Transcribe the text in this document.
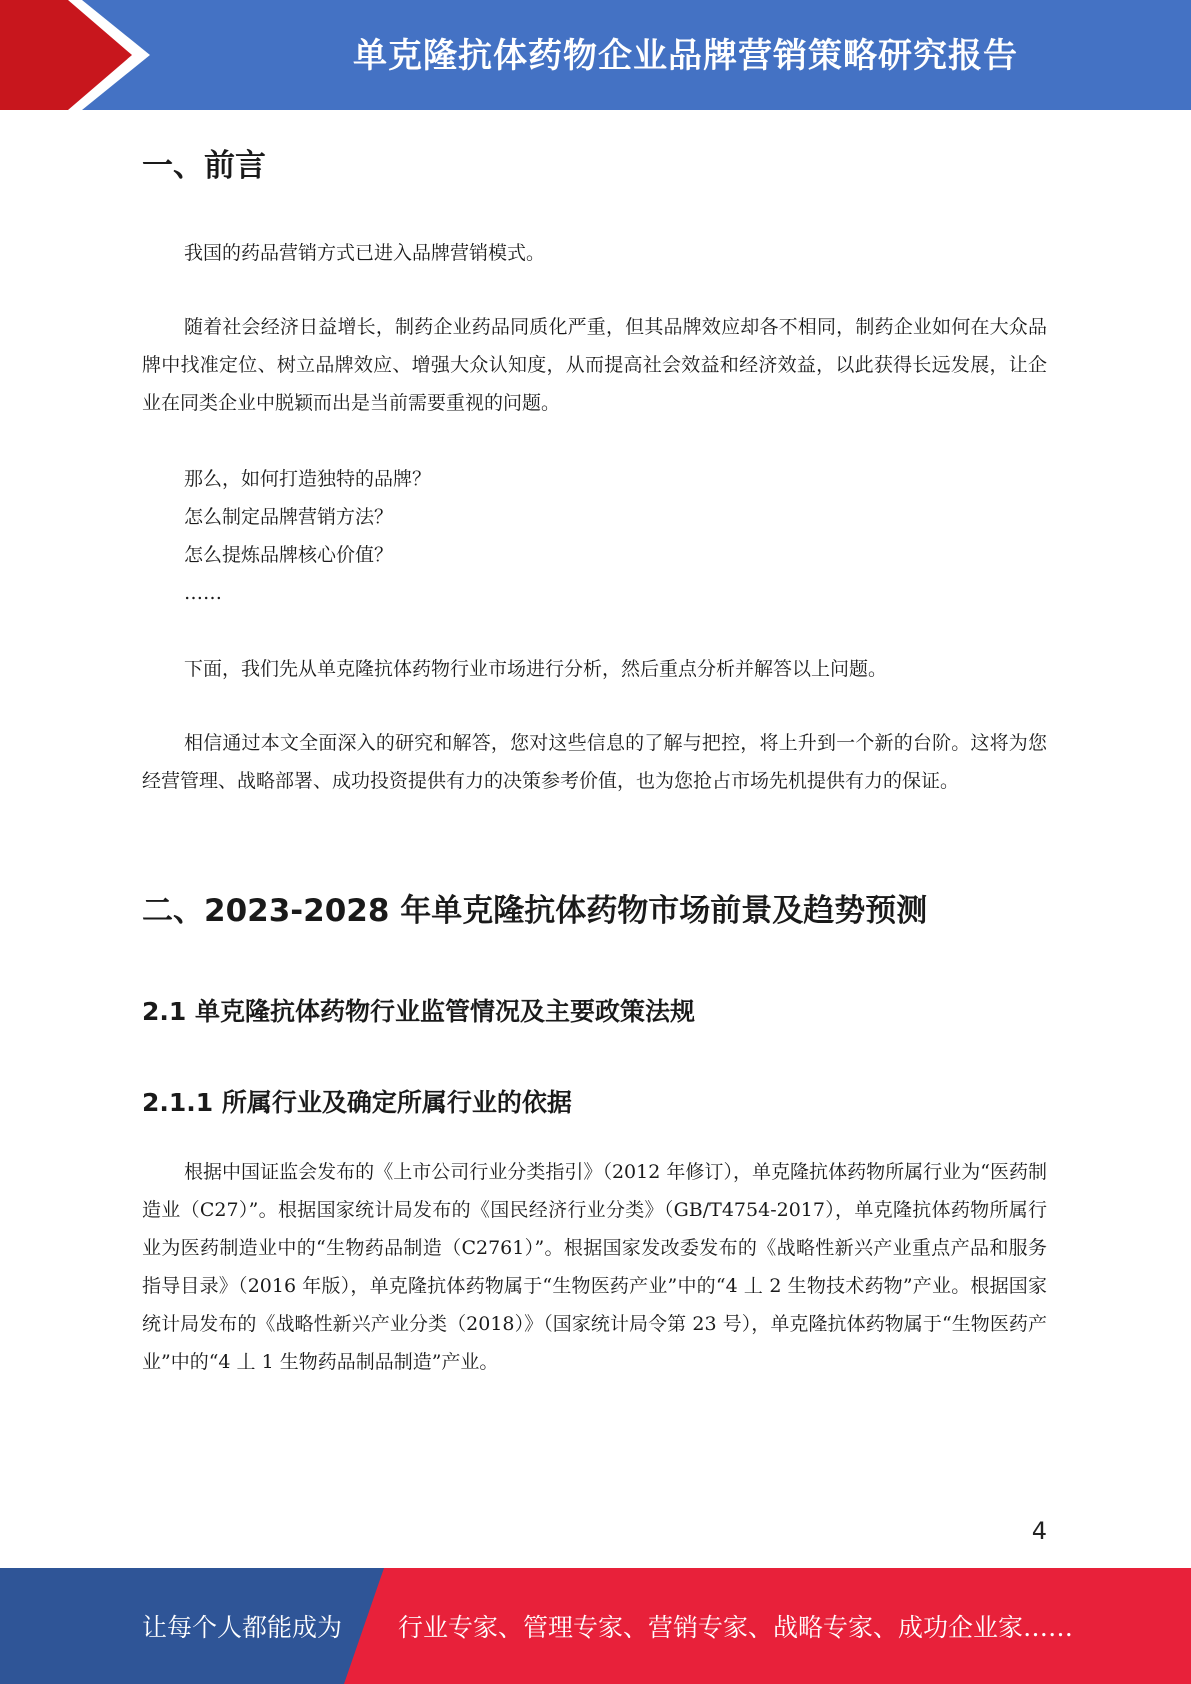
单克隆抗体药物企业品牌营销策略研究报告
一、前言

我国的药品营销方式已进入品牌营销模式。

随着社会经济日益增长，制药企业药品同质化严重，但其品牌效应却各不相同，制药企业如何在大众品牌中找准定位、树立品牌效应、增强大众认知度，从而提高社会效益和经济效益，以此获得长远发展，让企业在同类企业中脱颖而出是当前需要重视的问题。

那么，如何打造独特的品牌？
怎么制定品牌营销方法？
怎么提炼品牌核心价值？
……

下面，我们先从单克隆抗体药物行业市场进行分析，然后重点分析并解答以上问题。

相信通过本文全面深入的研究和解答，您对这些信息的了解与把控，将上升到一个新的台阶。这将为您经营管理、战略部署、成功投资提供有力的决策参考价值，也为您抢占市场先机提供有力的保证。

二、2023-2028 年单克隆抗体药物市场前景及趋势预测
2.1 单克隆抗体药物行业监管情况及主要政策法规
2.1.1 所属行业及确定所属行业的依据

根据中国证监会发布的《上市公司行业分类指引》（2012 年修订），单克隆抗体药物所属行业为“医药制造业（C27）”。根据国家统计局发布的《国民经济行业分类》（GB/T4754-2017），单克隆抗体药物所属行业为医药制造业中的“生物药品制造（C2761）”。根据国家发改委发布的《战略性新兴产业重点产品和服务指导目录》（2016 年版），单克隆抗体药物属于“生物医药产业”中的“4 丄 2 生物技术药物”产业。根据国家统计局发布的《战略性新兴产业分类（2018）》（国家统计局令第 23 号），单克隆抗体药物属于“生物医药产业”中的“4 丄 1 生物药品制品制造”产业。

4
让每个人都能成为 行业专家、管理专家、营销专家、战略专家、成功企业家……
